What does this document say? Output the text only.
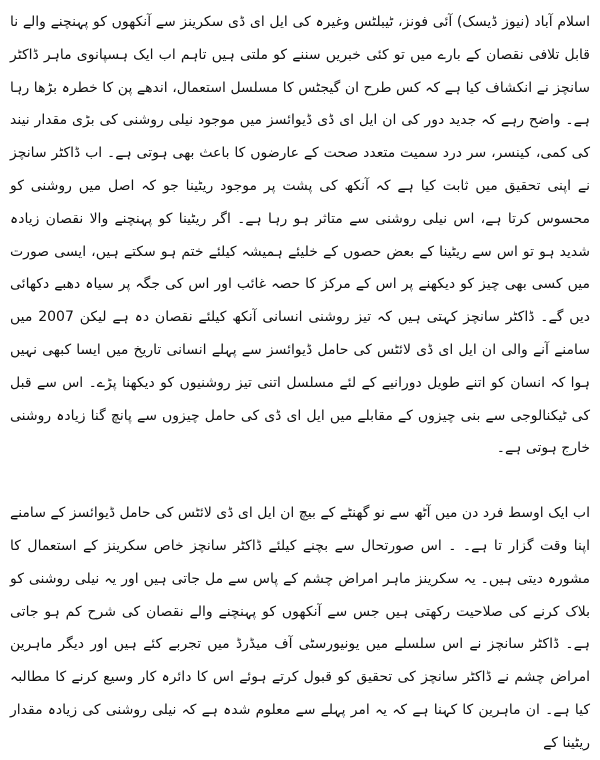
اسلام آباد (نیوز ڈیسک) آئی فونز، ٹیبلٹس وغیرہ کی ایل ای ڈی سکرینز سے آنکھوں کو پہنچنے والے نا قابل تلافی نقصان کے بارے میں تو کئی خبریں سننے کو ملتی ہیں تاہم اب ایک ہسپانوی ماہر ڈاکٹر سانچز نے انکشاف کیا ہے کہ کس طرح ان گیجٹس کا مسلسل استعمال، اندھے پن کا خطرہ بڑھا رہا ہے۔ واضح رہے کہ جدید دور کی ان ایل ای ڈی ڈیوائسز میں موجود نیلی روشنی کی بڑی مقدار نیند کی کمی، کینسر، سر درد سمیت متعدد صحت کے عارضوں کا باعث بھی ہوتی ہے۔ اب ڈاکٹر سانچز نے اپنی تحقیق میں ثابت کیا ہے کہ آنکھ کی پشت پر موجود ریٹینا جو کہ اصل میں روشنی کو محسوس کرتا ہے، اس نیلی روشنی سے متاثر ہو رہا ہے۔ اگر ریٹینا کو پہنچنے والا نقصان زیادہ شدید ہو تو اس سے ریٹینا کے بعض حصوں کے خلیئے ہمیشہ کیلئے ختم ہو سکتے ہیں، ایسی صورت میں کسی بھی چیز کو دیکھنے پر اس کے مرکز کا حصہ غائب اور اس کی جگہ پر سیاہ دھبے دکھائی دیں گے۔ ڈاکٹر سانچز کہتی ہیں کہ تیز روشنی انسانی آنکھ کیلئے نقصان دہ ہے لیکن 2007 میں سامنے آنے والی ان ایل ای ڈی لائٹس کی حامل ڈیوائسز سے پہلے انسانی تاریخ میں ایسا کبھی نہیں ہوا کہ انسان کو اتنے طویل دورانیے کے لئے مسلسل اتنی تیز روشنیوں کو دیکھنا پڑے۔ اس سے قبل کی ٹیکنالوجی سے بنی چیزوں کے مقابلے میں ایل ای ڈی کی حامل چیزوں سے پانچ گنا زیادہ روشنی خارج ہوتی ہے۔

اب ایک اوسط فرد دن میں آٹھ سے نو گھنٹے کے بیچ ان ایل ای ڈی لائٹس کی حامل ڈیوائسز کے سامنے اپنا وقت گزار تا ہے۔ ۔ اس صورتحال سے بچنے کیلئے ڈاکٹر سانچز خاص سکرینز کے استعمال کا مشورہ دیتی ہیں۔ یہ سکرینز ماہر امراض چشم کے پاس سے مل جاتی ہیں اور یہ نیلی روشنی کو بلاک کرنے کی صلاحیت رکھتی ہیں جس سے آنکھوں کو پہنچنے والے نقصان کی شرح کم ہو جاتی ہے۔ ڈاکٹر سانچز نے اس سلسلے میں یونیورسٹی آف میڈرڈ میں تجربے کئے ہیں اور دیگر ماہرین امراض چشم نے ڈاکٹر سانچز کی تحقیق کو قبول کرتے ہوئے اس کا دائرہ کار وسیع کرنے کا مطالبہ کیا ہے۔ ان ماہرین کا کہنا ہے کہ یہ امر پہلے سے معلوم شدہ ہے کہ نیلی روشنی کی زیادہ مقدار ریٹینا کے
